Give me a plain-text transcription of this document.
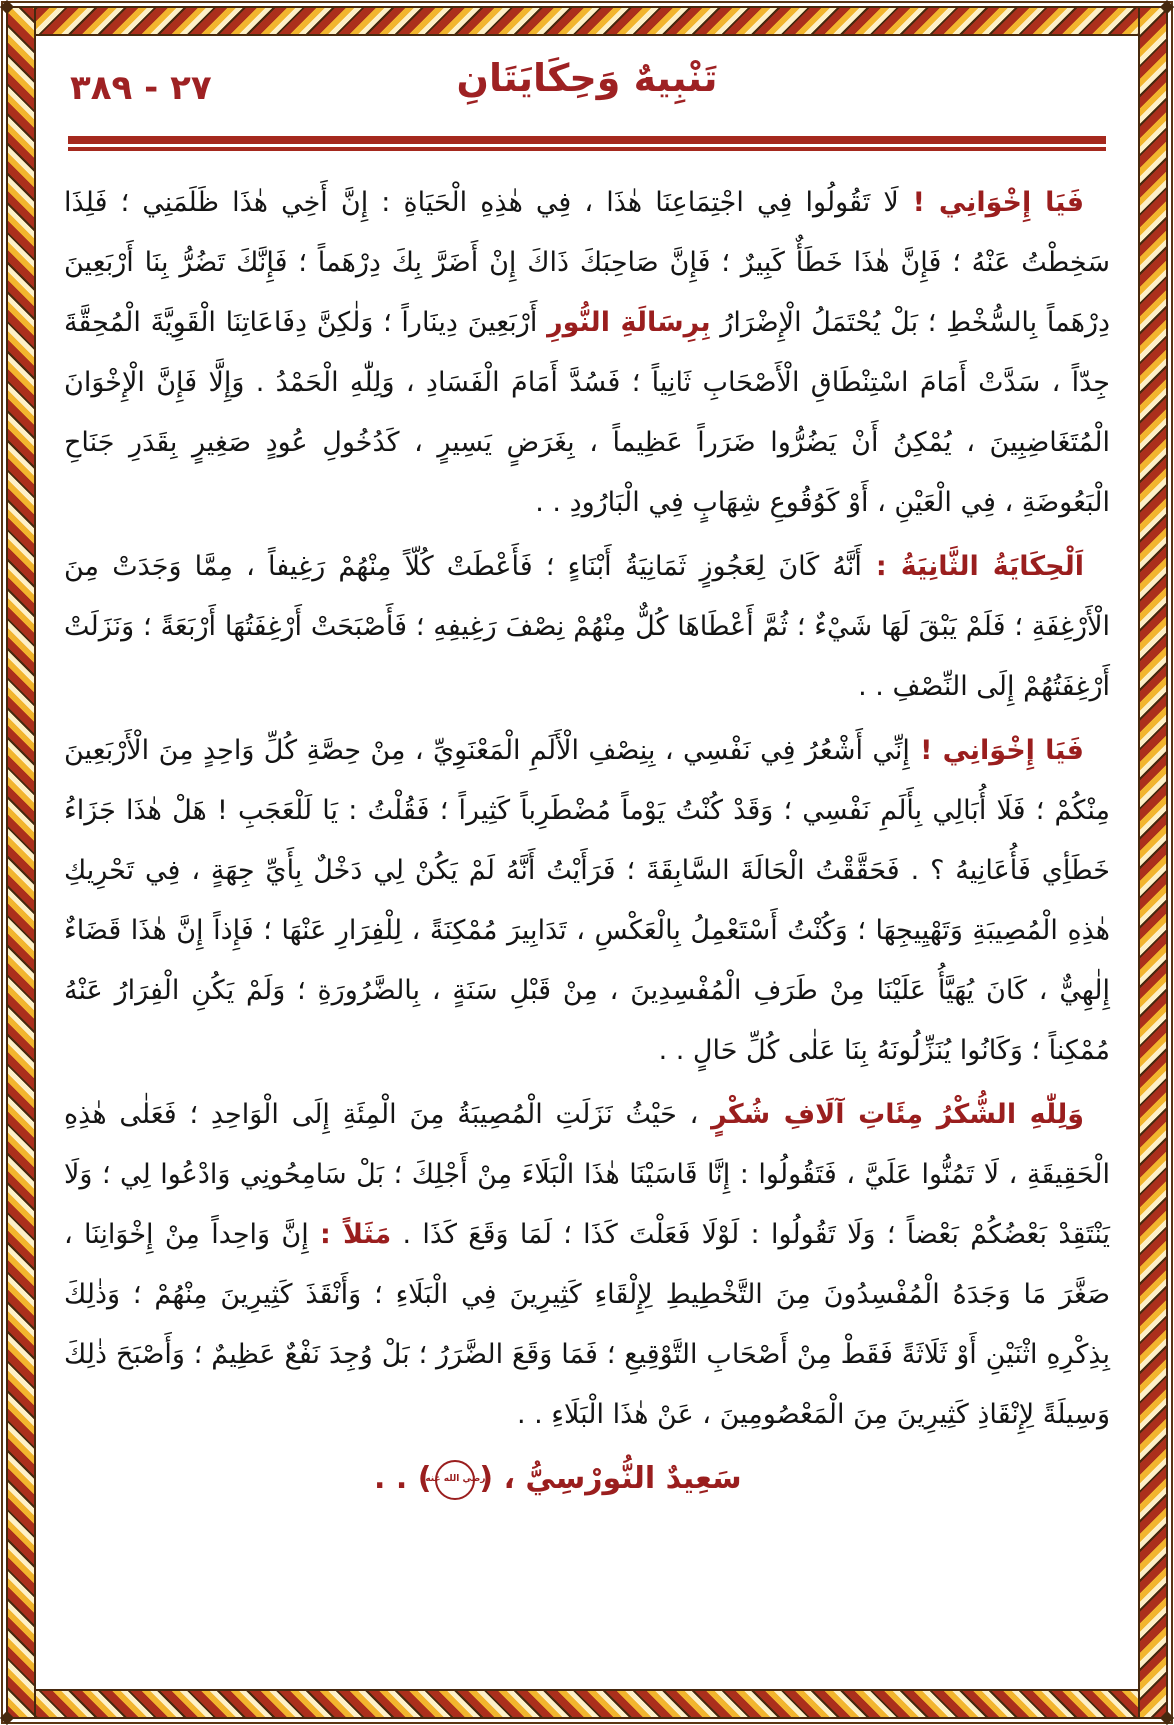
٢٧ - ٣٨٩	تَنْبِيهٌ وَحِكَايَتَانِ

فَيَا إِخْوَانِي ! لَا تَقُولُوا فِي اجْتِمَاعِنَا هٰذَا ، فِي هٰذِهِ الْحَيَاةِ : إِنَّ أَخِي هٰذَا ظَلَمَنِي ؛ فَلِذَا سَخِطْتُ عَنْهُ ؛ فَإِنَّ هٰذَا خَطَأٌ كَبِيرٌ ؛ فَإِنَّ صَاحِبَكَ ذَاكَ إِنْ أَضَرَّ بِكَ دِرْهَماً ؛ فَإِنَّكَ تَضُرُّ بِنَا أَرْبَعِينَ دِرْهَماً بِالسُّخْطِ ؛ بَلْ يُحْتَمَلُ الْإِضْرَارُ بِرِسَالَةِ النُّورِ أَرْبَعِينَ دِينَاراً ؛ وَلٰكِنَّ دِفَاعَاتِنَا الْقَوِيَّةَ الْمُحِقَّةَ جِدّاً ، سَدَّتْ أَمَامَ اسْتِنْطَاقِ الْأَصْحَابِ ثَانِياً ؛ فَسُدَّ أَمَامَ الْفَسَادِ ، وَلِلّٰهِ الْحَمْدُ . وَإِلَّا فَإِنَّ الْإِخْوَانَ الْمُتَغَاضِبِينَ ، يُمْكِنُ أَنْ يَضُرُّوا ضَرَراً عَظِيماً ، بِغَرَضٍ يَسِيرٍ ، كَدُخُولِ عُودٍ صَغِيرٍ بِقَدَرِ جَنَاحِ الْبَعُوضَةِ ، فِي الْعَيْنِ ، أَوْ كَوُقُوعِ شِهَابٍ فِي الْبَارُودِ . .

اَلْحِكَايَةُ الثَّانِيَةُ : أَنَّهُ كَانَ لِعَجُوزٍ ثَمَانِيَةُ أَبْنَاءٍ ؛ فَأَعْطَتْ كُلّاً مِنْهُمْ رَغِيفاً ، مِمَّا وَجَدَتْ مِنَ الْأَرْغِفَةِ ؛ فَلَمْ يَبْقَ لَهَا شَيْءٌ ؛ ثُمَّ أَعْطَاهَا كُلٌّ مِنْهُمْ نِصْفَ رَغِيفِهِ ؛ فَأَصْبَحَتْ أَرْغِفَتُهَا أَرْبَعَةً ؛ وَنَزَلَتْ أَرْغِفَتُهُمْ إِلَى النِّصْفِ . .

فَيَا إِخْوَانِي ! إِنِّي أَشْعُرُ فِي نَفْسِي ، بِنِصْفِ الْأَلَمِ الْمَعْنَوِيِّ ، مِنْ حِصَّةِ كُلِّ وَاحِدٍ مِنَ الْأَرْبَعِينَ مِنْكُمْ ؛ فَلَا أُبَالِي بِأَلَمِ نَفْسِي ؛ وَقَدْ كُنْتُ يَوْماً مُضْطَرِباً كَثِيراً ؛ فَقُلْتُ : يَا لَلْعَجَبِ ! هَلْ هٰذَا جَزَاءُ خَطَأِي فَأُعَانِيهُ ؟ . فَحَقَّقْتُ الْحَالَةَ السَّابِقَةَ ؛ فَرَأَيْتُ أَنَّهُ لَمْ يَكُنْ لِي دَخْلٌ بِأَيِّ جِهَةٍ ، فِي تَحْرِيكِ هٰذِهِ الْمُصِيبَةِ وَتَهْيِيجِهَا ؛ وَكُنْتُ أَسْتَعْمِلُ بِالْعَكْسِ ، تَدَابِيرَ مُمْكِنَةً ، لِلْفِرَارِ عَنْهَا ؛ فَإِذاً إِنَّ هٰذَا قَضَاءٌ إِلٰهِيٌّ ، كَانَ يُهَيَّأُ عَلَيْنَا مِنْ طَرَفِ الْمُفْسِدِينَ ، مِنْ قَبْلِ سَنَةٍ ، بِالضَّرُورَةِ ؛ وَلَمْ يَكُنِ الْفِرَارُ عَنْهُ مُمْكِناً ؛ وَكَانُوا يُنَزِّلُونَهُ بِنَا عَلٰى كُلِّ حَالٍ . .

وَلِلّٰهِ الشُّكْرُ مِئَاتِ آلَافِ شُكْرٍ ، حَيْثُ نَزَلَتِ الْمُصِيبَةُ مِنَ الْمِئَةِ إِلَى الْوَاحِدِ ؛ فَعَلٰى هٰذِهِ الْحَقِيقَةِ ، لَا تَمُنُّوا عَلَيَّ ، فَتَقُولُوا : إِنَّا قَاسَيْنَا هٰذَا الْبَلَاءَ مِنْ أَجْلِكَ ؛ بَلْ سَامِحُونِي وَادْعُوا لِي ؛ وَلَا يَنْتَقِدْ بَعْضُكُمْ بَعْضاً ؛ وَلَا تَقُولُوا : لَوْلَا فَعَلْتَ كَذَا ؛ لَمَا وَقَعَ كَذَا . مَثَلاً : إِنَّ وَاحِداً مِنْ إِخْوَانِنَا ، صَغَّرَ مَا وَجَدَهُ الْمُفْسِدُونَ مِنَ التَّخْطِيطِ لِإِلْقَاءِ كَثِيرِينَ فِي الْبَلَاءِ ؛ وَأَنْقَذَ كَثِيرِينَ مِنْهُمْ ؛ وَذٰلِكَ بِذِكْرِهِ اثْنَيْنِ أَوْ ثَلَاثَةً فَقَطْ مِنْ أَصْحَابِ التَّوْقِيعِ ؛ فَمَا وَقَعَ الضَّرَرُ ؛ بَلْ وُجِدَ نَفْعٌ عَظِيمٌ ؛ وَأَصْبَحَ ذٰلِكَ وَسِيلَةً لِإِنْقَاذِ كَثِيرِينَ مِنَ الْمَعْصُومِينَ ، عَنْ هٰذَا الْبَلَاءِ . .

سَعِيدٌ النُّورْسِيُّ ، (رضي الله عنه) . .
